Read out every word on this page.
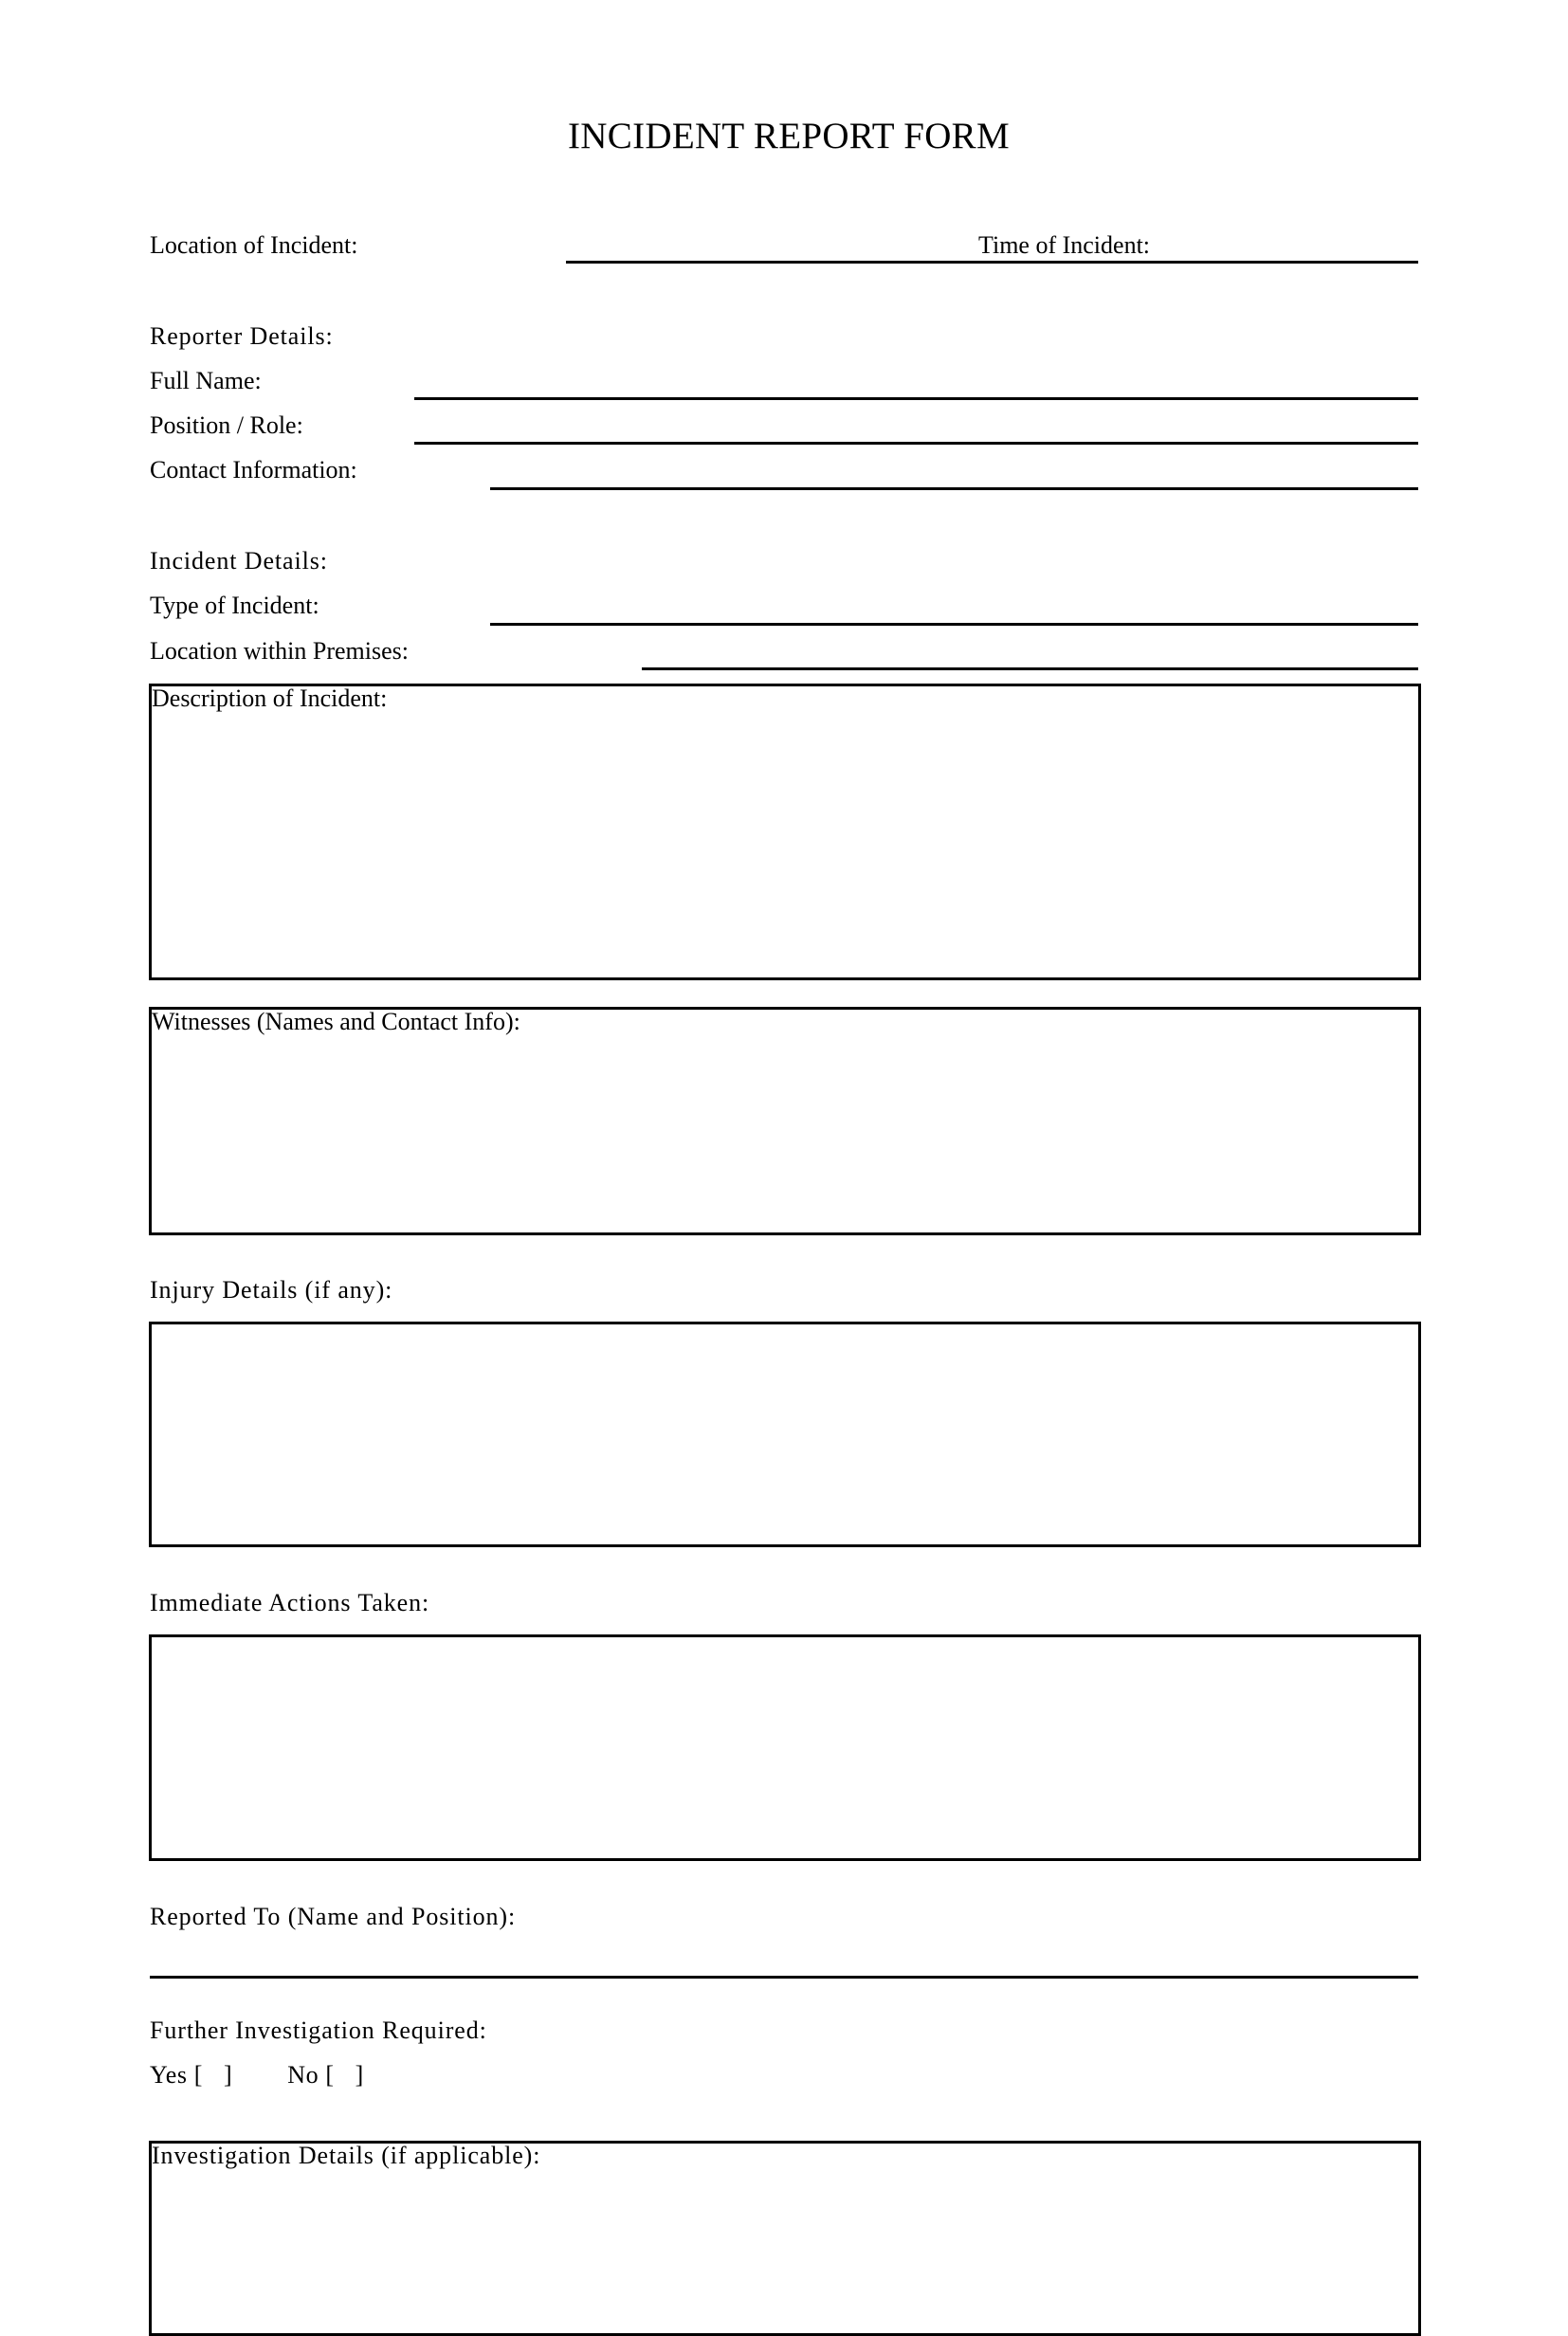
INCIDENT REPORT FORM
Location of Incident:	Time of Incident:
Reporter Details:
Full Name:
Position / Role:
Contact Information:
Incident Details:
Type of Incident:
Location within Premises:
Description of Incident:
Witnesses (Names and Contact Info):
Injury Details (if any):
Immediate Actions Taken:
Reported To (Name and Position):
Further Investigation Required:
Yes [ ] No [ ]
Investigation Details (if applicable):
